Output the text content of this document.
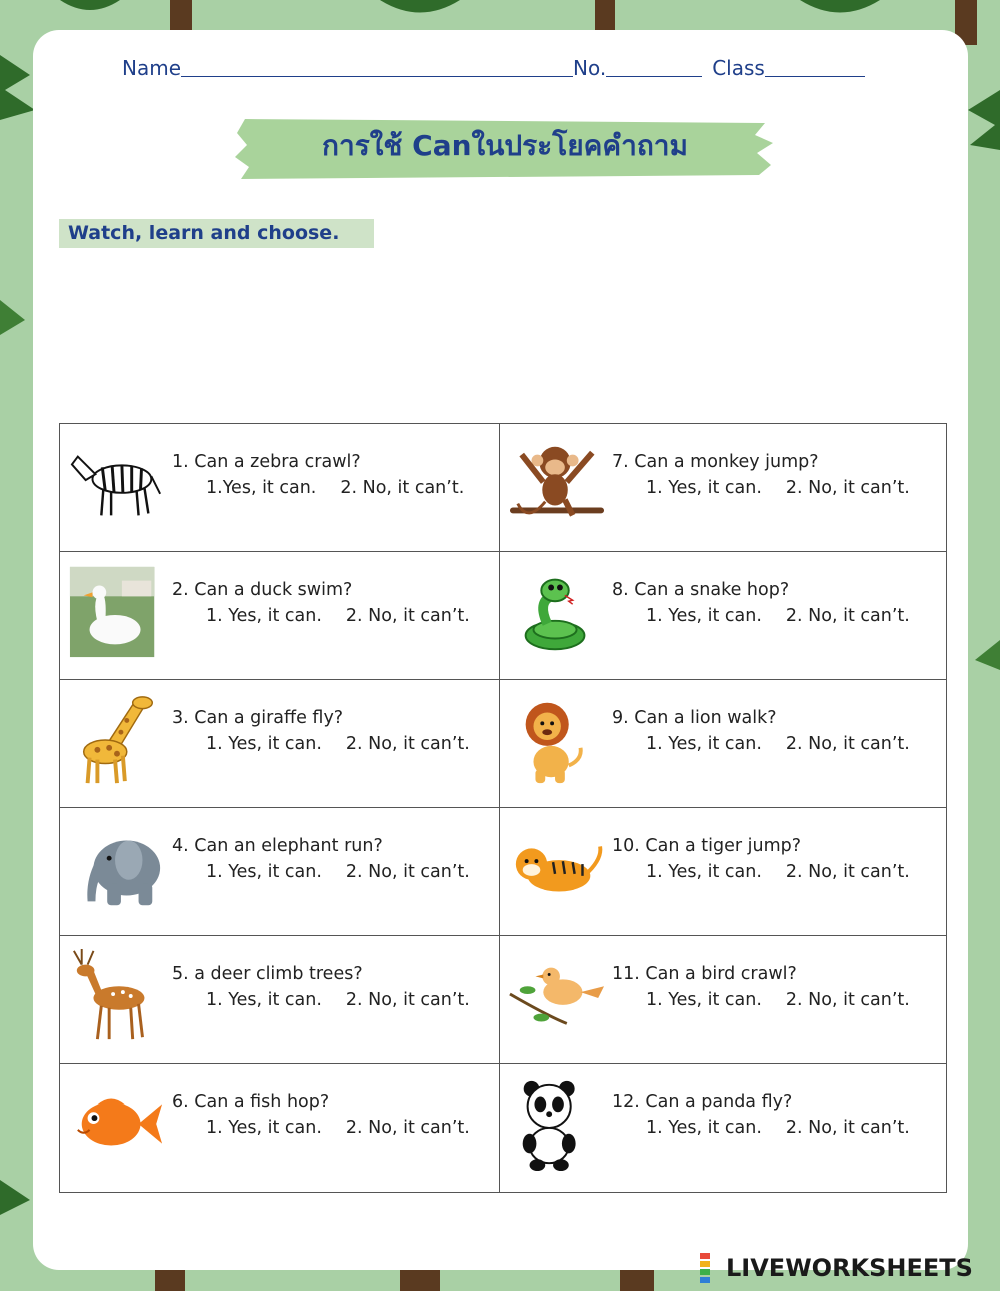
Name	No.	Class
การใช้ Canในประโยคคำถาม
Watch, learn and choose.
1. Can a zebra crawl?
1.Yes, it can. 2. No, it can’t.
7. Can a monkey jump?
1. Yes, it can. 2. No, it can’t.
2. Can a duck swim?
1. Yes, it can. 2. No, it can’t.
8. Can a snake hop?
1. Yes, it can. 2. No, it can’t.
3. Can a giraffe fly?
1. Yes, it can. 2. No, it can’t.
9. Can a lion walk?
1. Yes, it can. 2. No, it can’t.
4. Can an elephant run?
1. Yes, it can. 2. No, it can’t.
10. Can a tiger jump?
1. Yes, it can. 2. No, it can’t.
5. a deer climb trees?
1. Yes, it can. 2. No, it can’t.
11. Can a bird crawl?
1. Yes, it can. 2. No, it can’t.
6. Can a fish hop?
1. Yes, it can. 2. No, it can’t.
12. Can a panda fly?
1. Yes, it can. 2. No, it can’t.
LIVEWORKSHEETS
